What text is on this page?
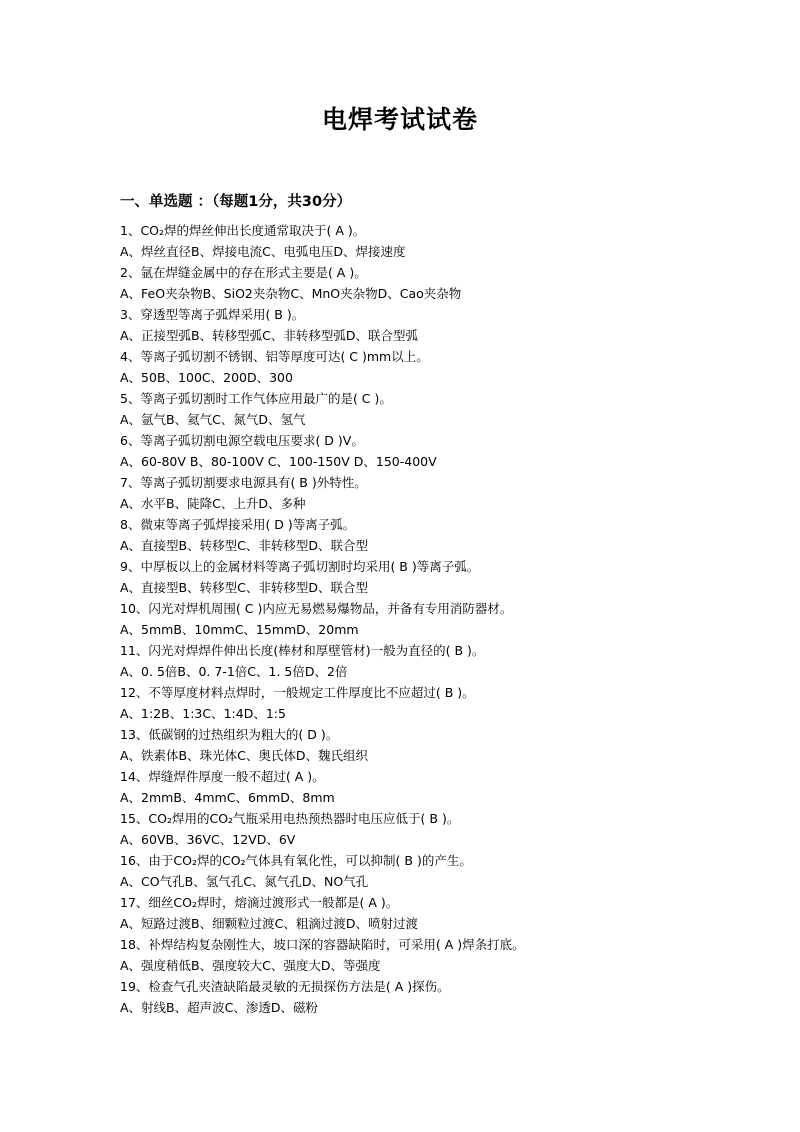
电焊考试试卷
一、单选题 ：（每题1分，共30分）
1、CO₂焊的焊丝伸出长度通常取决于( A )。
A、焊丝直径B、焊接电流C、电弧电压D、焊接速度
2、氩在焊缝金属中的存在形式主要是( A )。
A、FeO夹杂物B、SiO2夹杂物C、MnO夹杂物D、Cao夹杂物
3、穿透型等离子弧焊采用( B )。
A、正接型弧B、转移型弧C、非转移型弧D、联合型弧
4、等离子弧切割不锈钢、铝等厚度可达( C )mm以上。
A、50B、100C、200D、300
5、等离子弧切割时工作气体应用最广的是( C )。
A、氩气B、氦气C、氮气D、氢气
6、等离子弧切割电源空载电压要求( D )V。
A、60-80V B、80-100V C、100-150V D、150-400V
7、等离子弧切割要求电源具有( B )外特性。
A、水平B、陡降C、上升D、多种
8、微束等离子弧焊接采用( D )等离子弧。
A、直接型B、转移型C、非转移型D、联合型
9、中厚板以上的金属材料等离子弧切割时均采用( B )等离子弧。
A、直接型B、转移型C、非转移型D、联合型
10、闪光对焊机周围( C )内应无易燃易爆物品，并备有专用消防器材。
A、5mmB、10mmC、15mmD、20mm
11、闪光对焊焊件伸出长度(棒材和厚壁管材)一般为直径的( B )。
A、0. 5倍B、0. 7-1倍C、1. 5倍D、2倍
12、不等厚度材料点焊时，一般规定工件厚度比不应超过( B )。
A、1:2B、1:3C、1:4D、1:5
13、低碳钢的过热组织为粗大的( D )。
A、铁素体B、珠光体C、奥氏体D、魏氏组织
14、焊缝焊件厚度一般不超过( A )。
A、2mmB、4mmC、6mmD、8mm
15、CO₂焊用的CO₂气瓶采用电热预热器时电压应低于( B )。
A、60VB、36VC、12VD、6V
16、由于CO₂焊的CO₂气体具有氧化性，可以抑制( B )的产生。
A、CO气孔B、氢气孔C、氮气孔D、NO气孔
17、细丝CO₂焊时，熔滴过渡形式一般都是( A )。
A、短路过渡B、细颗粒过渡C、粗滴过渡D、喷射过渡
18、补焊结构复杂刚性大，坡口深的容器缺陷时，可采用( A )焊条打底。
A、强度稍低B、强度较大C、强度大D、等强度
19、检查气孔夹渣缺陷最灵敏的无损探伤方法是( A )探伤。
A、射线B、超声波C、渗透D、磁粉
